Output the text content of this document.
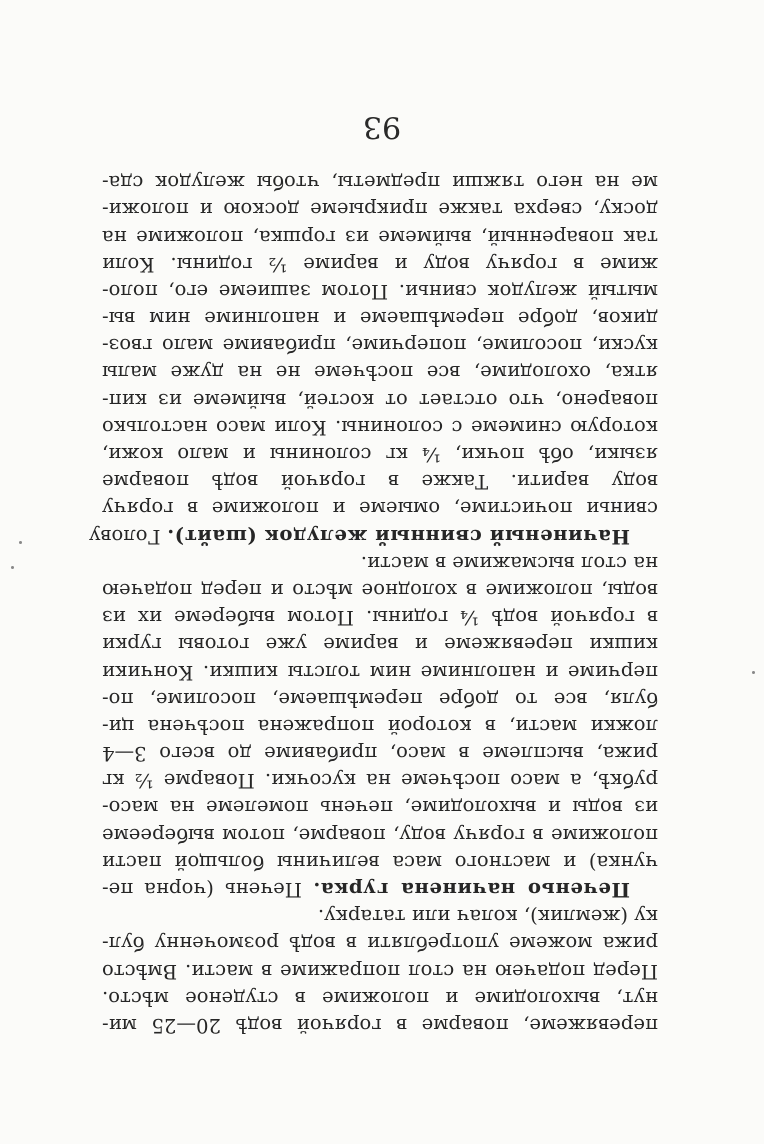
перевяжеме, поварме в горячой водѣ 20—25 ми-
нут, выхолодиме и положиме в студеное мѣсто.
Перед подачею на стол попражиме в масти. Вмѣсто
рижа можеме употребляти в водѣ розмоченну бул-
ку (жемлик), колач или татарку.
Печеньо начинена гурка. Печень (чорна пе-
чунка) и мастного маса величины больщой пасти
положиме в горячу воду, поварме, потом выберееме
из воды и выхолодиме, печень помелеме на масо-
рубкѣ, а масо посѣчеме на кусочки. Поварме ½ кг
рижа, высплеме в масо, прибавиме до всего 3—4
ложки масти, в которой попражена посѣчена ци-
буля, все то добре перемѣшаеме, посолиме, по-
перчиме и наполниме ним толсты кишки. Кончики
кишки перевяжеме и вариме уже готовы гурки
в горячой водѣ ¼ годины. Потом выбереме их из
воды, положиме в холодное мѣсто и перед подачею
на стол высмажиме в масти.
Начиненый свинный желудок (шайт). Голову
свиньи почистиме, омыеме и положиме в горячу
воду варити. Также в горячой водѣ поварме
языки, обѣ почки, ¼ кг солонины и мало кожи,
которую снимеме с солонины. Коли масо настолько
поварено, что отстает от костей, выймеме из кип-
ятка, охолодиме, все посѣчеме не на дуже малы
куски, посолиме, поперчиме, прибавиме мало гвоз-
диков, добре перемѣшаеме и наполниме ним вы-
мытый желудок свиньи. Потом зашиеме его, поло-
жиме в горячу воду и вариме ½ годины. Коли
так поваренный, выймеме из горшка, положиме на
доску, сверха также прикрыеме доскою и положи-
ме на него тяжши предметы, чтобы желудок сда-
93
